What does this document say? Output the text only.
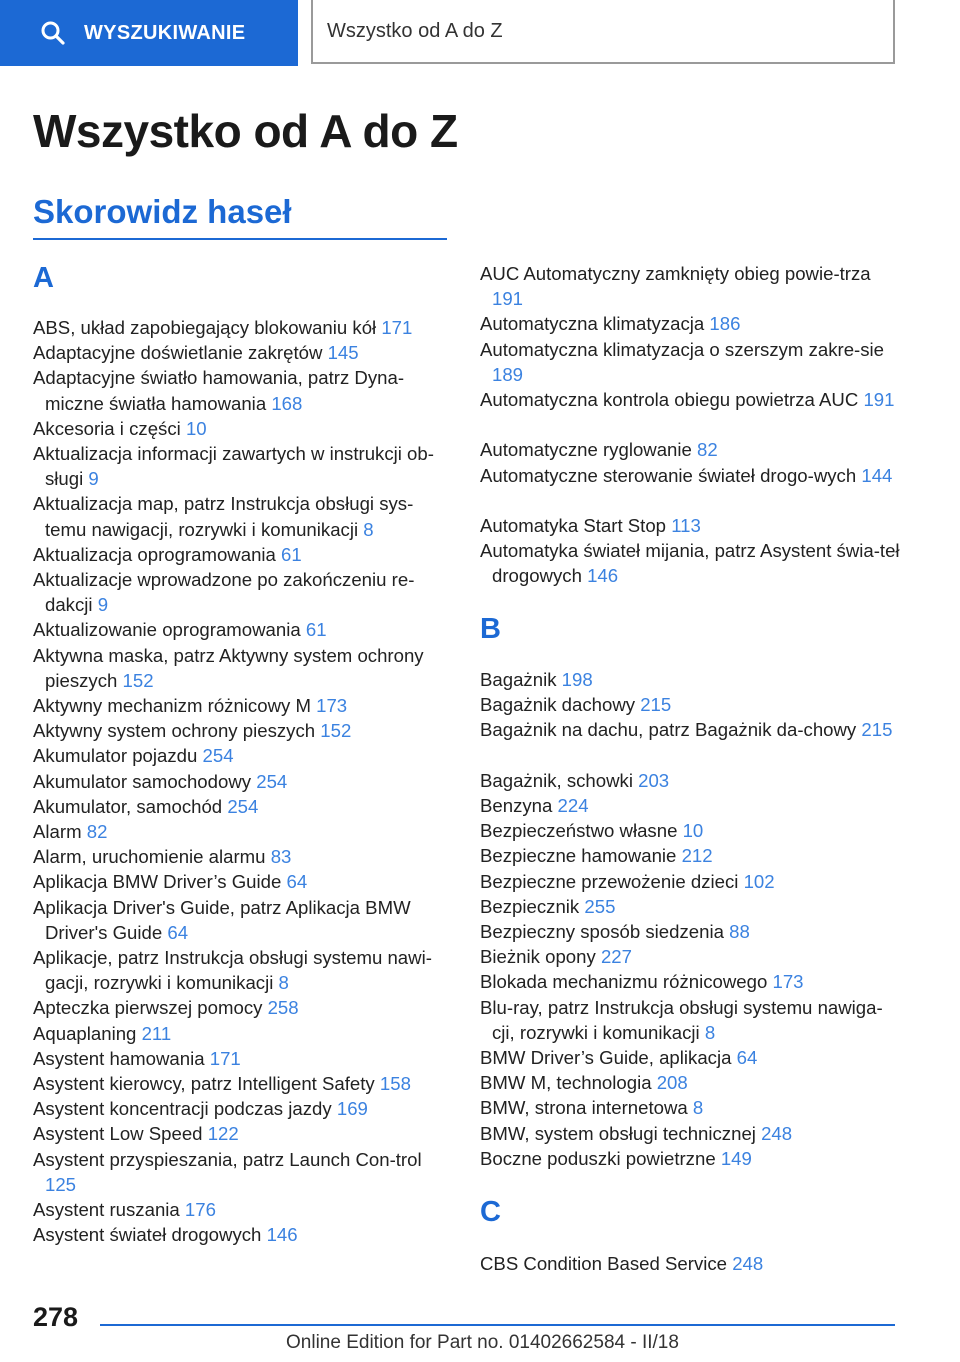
WYSZUKIWANIE	Wszystko od A do Z
Wszystko od A do Z
Skorowidz haseł
A
ABS, układ zapobiegający blokowaniu kół 171
Adaptacyjne doświetlanie zakrętów 145
Adaptacyjne światło hamowania, patrz Dyna-miczne światła hamowania 168
Akcesoria i części 10
Aktualizacja informacji zawartych w instrukcji ob-sługi 9
Aktualizacja map, patrz Instrukcja obsługi sys-temu nawigacji, rozrywki i komunikacji 8
Aktualizacja oprogramowania 61
Aktualizacje wprowadzone po zakończeniu re-dakcji 9
Aktualizowanie oprogramowania 61
Aktywna maska, patrz Aktywny system ochrony pieszych 152
Aktywny mechanizm różnicowy M 173
Aktywny system ochrony pieszych 152
Akumulator pojazdu 254
Akumulator samochodowy 254
Akumulator, samochód 254
Alarm 82
Alarm, uruchomienie alarmu 83
Aplikacja BMW Driver’s Guide 64
Aplikacja Driver's Guide, patrz Aplikacja BMW Driver's Guide 64
Aplikacje, patrz Instrukcja obsługi systemu nawi-gacji, rozrywki i komunikacji 8
Apteczka pierwszej pomocy 258
Aquaplaning 211
Asystent hamowania 171
Asystent kierowcy, patrz Intelligent Safety 158
Asystent koncentracji podczas jazdy 169
Asystent Low Speed 122
Asystent przyspieszania, patrz Launch Con-trol 125
Asystent ruszania 176
Asystent świateł drogowych 146
AUC Automatyczny zamknięty obieg powie-trza 191
Automatyczna klimatyzacja 186
Automatyczna klimatyzacja o szerszym zakre-sie 189
Automatyczna kontrola obiegu powietrza AUC 191
Automatyczne ryglowanie 82
Automatyczne sterowanie świateł drogo-wych 144
Automatyka Start Stop 113
Automatyka świateł mijania, patrz Asystent świa-teł drogowych 146
B
Bagażnik 198
Bagażnik dachowy 215
Bagażnik na dachu, patrz Bagażnik da-chowy 215
Bagażnik, schowki 203
Benzyna 224
Bezpieczeństwo własne 10
Bezpieczne hamowanie 212
Bezpieczne przewożenie dzieci 102
Bezpiecznik 255
Bezpieczny sposób siedzenia 88
Bieżnik opony 227
Blokada mechanizmu różnicowego 173
Blu-ray, patrz Instrukcja obsługi systemu nawiga-cji, rozrywki i komunikacji 8
BMW Driver’s Guide, aplikacja 64
BMW M, technologia 208
BMW, strona internetowa 8
BMW, system obsługi technicznej 248
Boczne poduszki powietrzne 149
C
CBS Condition Based Service 248
278
Online Edition for Part no. 01402662584 - II/18
